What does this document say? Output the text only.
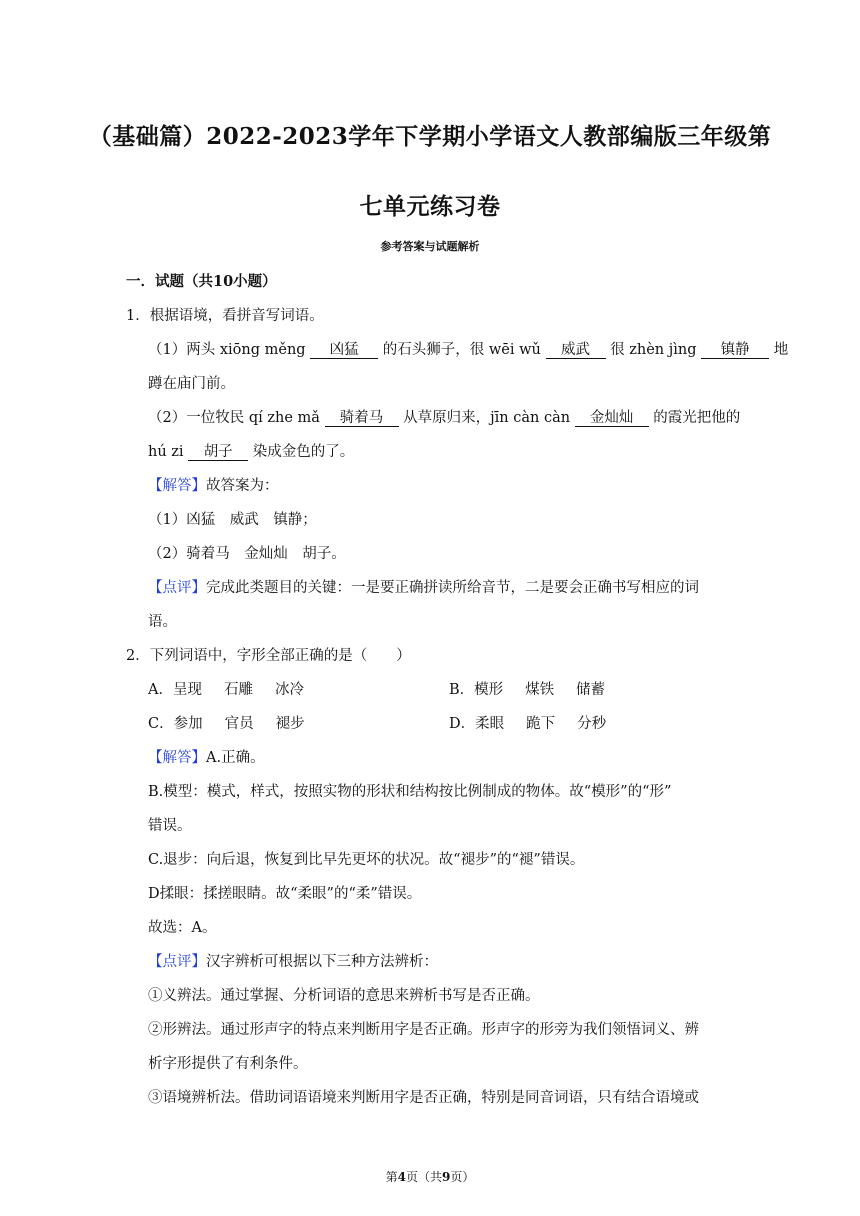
（基础篇）2022-2023学年下学期小学语文人教部编版三年级第
七单元练习卷
参考答案与试题解析
一．试题（共10小题）
1．根据语境，看拼音写词语。
（1）两头 xiōng měng 凶猛 的石头狮子，很 wēi wǔ 威武 很 zhèn jìng 镇静 地
蹲在庙门前。
（2）一位牧民 qí zhe mǎ 骑着马 从草原归来，jīn càn càn 金灿灿 的霞光把他的
hú zi 胡子 染成金色的了。
【解答】故答案为：
（1）凶猛　威武　镇静；
（2）骑着马　金灿灿　胡子。
【点评】完成此类题目的关键：一是要正确拼读所给音节，二是要会正确书写相应的词
语。
2．下列词语中，字形全部正确的是（　　）
A．呈现 石雕 冰冷	B．模形 煤铁 储蓄
C．参加 官员 褪步	D．柔眼 跪下 分秒
【解答】A.正确。
B.模型：模式，样式，按照实物的形状和结构按比例制成的物体。故“模形”的“形”
错误。
C.退步：向后退，恢复到比早先更坏的状况。故“褪步”的“褪”错误。
D揉眼：揉搓眼睛。故“柔眼”的“柔”错误。
故选：A。
【点评】汉字辨析可根据以下三种方法辨析：
①义辨法。通过掌握、分析词语的意思来辨析书写是否正确。
②形辨法。通过形声字的特点来判断用字是否正确。形声字的形旁为我们领悟词义、辨
析字形提供了有利条件。
③语境辨析法。借助词语语境来判断用字是否正确，特别是同音词语，只有结合语境或
第4页（共9页）
